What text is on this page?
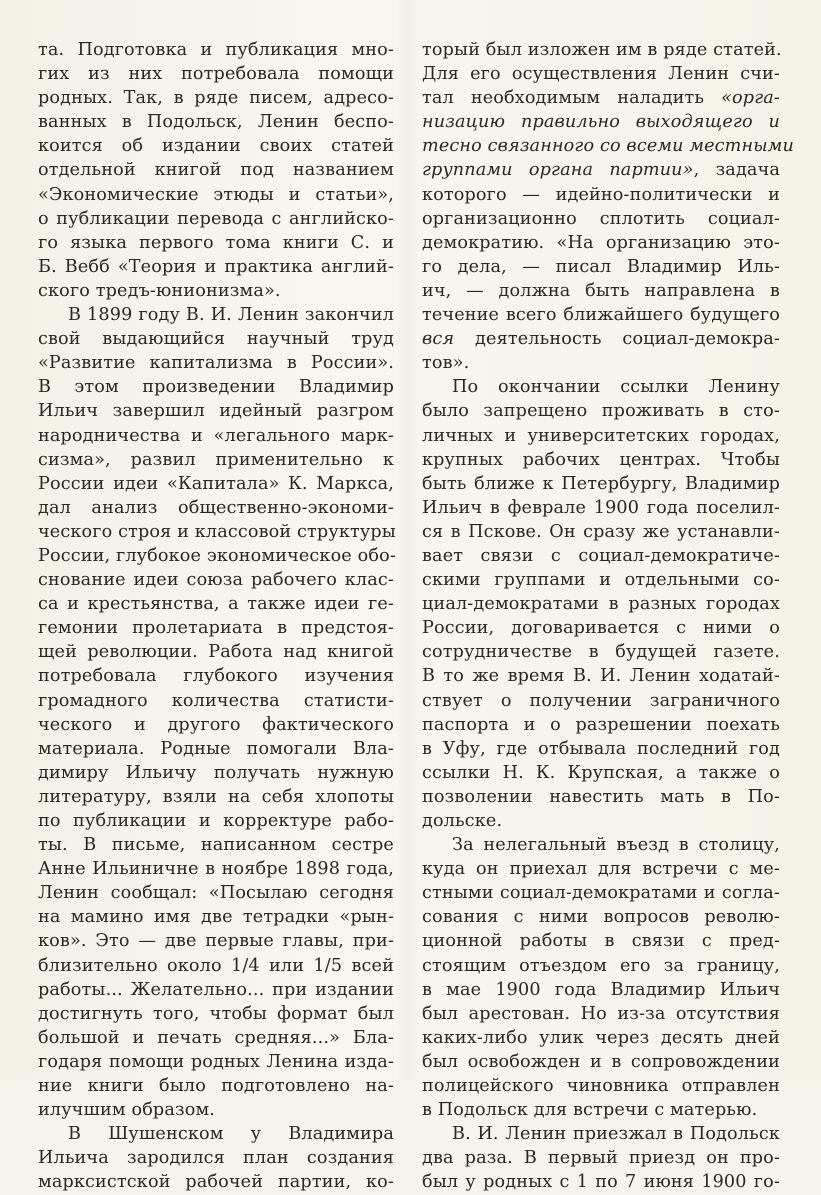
та. Подготовка и публикация мно-
гих из них потребовала помощи
родных. Так, в ряде писем, адресо-
ванных в Подольск, Ленин беспо-
коится об издании своих статей
отдельной книгой под названием
«Экономические этюды и статьи»,
о публикации перевода с английско-
го языка первого тома книги С. и
Б. Вебб «Теория и практика англий-
ского тредъ-юнионизма».
В 1899 году В. И. Ленин закончил
свой выдающийся научный труд
«Развитие капитализма в России».
В этом произведении Владимир
Ильич завершил идейный разгром
народничества и «легального марк-
сизма», развил применительно к
России идеи «Капитала» К. Маркса,
дал анализ общественно-экономи-
ческого строя и классовой структуры
России, глубокое экономическое обо-
снование идеи союза рабочего клас-
са и крестьянства, а также идеи ге-
гемонии пролетариата в предстоя-
щей революции. Работа над книгой
потребовала глубокого изучения
громадного количества статисти-
ческого и другого фактического
материала. Родные помогали Вла-
димиру Ильичу получать нужную
литературу, взяли на себя хлопоты
по публикации и корректуре рабо-
ты. В письме, написанном сестре
Анне Ильиничне в ноябре 1898 года,
Ленин сообщал: «Посылаю сегодня
на мамино имя две тетрадки «рын-
ков». Это — две первые главы, при-
близительно около 1/4 или 1/5 всей
работы... Желательно... при издании
достигнуть того, чтобы формат был
большой и печать средняя...» Бла-
годаря помощи родных Ленина изда-
ние книги было подготовлено на-
илучшим образом.
В Шушенском у Владимира
Ильича зародился план создания
марксистской рабочей партии, ко-
торый был изложен им в ряде статей.
Для его осуществления Ленин счи-
тал необходимым наладить «орга-
низацию правильно выходящего и
тесно связанного со всеми местными
группами органа партии», задача
которого — идейно-политически и
организационно сплотить социал-
демократию. «На организацию это-
го дела, — писал Владимир Иль-
ич, — должна быть направлена в
течение всего ближайшего будущего
вся деятельность социал-демокра-
тов».
По окончании ссылки Ленину
было запрещено проживать в сто-
личных и университетских городах,
крупных рабочих центрах. Чтобы
быть ближе к Петербургу, Владимир
Ильич в феврале 1900 года поселил-
ся в Пскове. Он сразу же устанавли-
вает связи с социал-демократиче-
скими группами и отдельными со-
циал-демократами в разных городах
России, договаривается с ними о
сотрудничестве в будущей газете.
В то же время В. И. Ленин ходатай-
ствует о получении заграничного
паспорта и о разрешении поехать
в Уфу, где отбывала последний год
ссылки Н. К. Крупская, а также о
позволении навестить мать в По-
дольске.
За нелегальный въезд в столицу,
куда он приехал для встречи с ме-
стными социал-демократами и согла-
сования с ними вопросов револю-
ционной работы в связи с пред-
стоящим отъездом его за границу,
в мае 1900 года Владимир Ильич
был арестован. Но из-за отсутствия
каких-либо улик через десять дней
был освобожден и в сопровождении
полицейского чиновника отправлен
в Подольск для встречи с матерью.
В. И. Ленин приезжал в Подольск
два раза. В первый приезд он про-
был у родных с 1 по 7 июня 1900 го-
